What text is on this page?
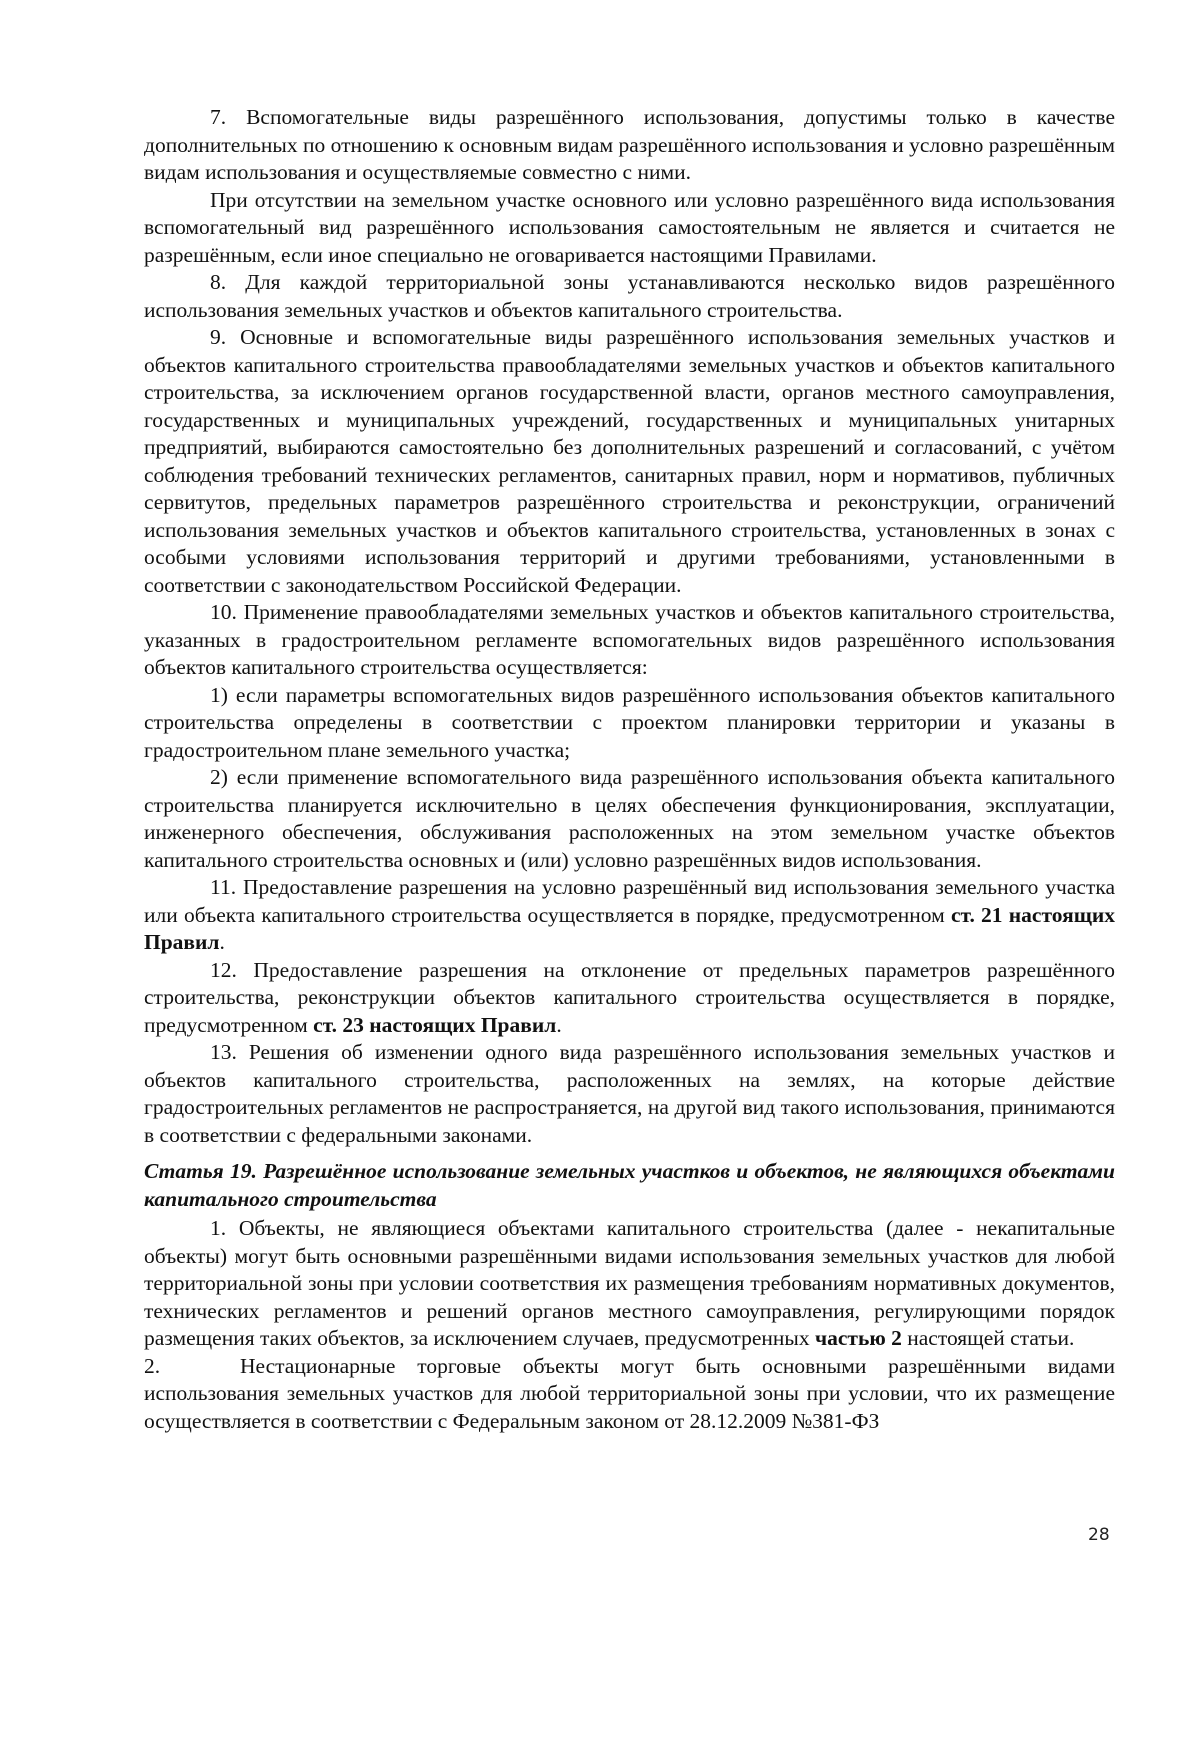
7. Вспомогательные виды разрешённого использования, допустимы только в качестве дополнительных по отношению к основным видам разрешённого использования и условно разрешённым видам использования и осуществляемые совместно с ними.

При отсутствии на земельном участке основного или условно разрешённого вида использования вспомогательный вид разрешённого использования самостоятельным не является и считается не разрешённым, если иное специально не оговаривается настоящими Правилами.

8. Для каждой территориальной зоны устанавливаются несколько видов разрешённого использования земельных участков и объектов капитального строительства.

9. Основные и вспомогательные виды разрешённого использования земельных участков и объектов капитального строительства правообладателями земельных участков и объектов капитального строительства, за исключением органов государственной власти, органов местного самоуправления, государственных и муниципальных учреждений, государственных и муниципальных унитарных предприятий, выбираются самостоятельно без дополнительных разрешений и согласований, с учётом соблюдения требований технических регламентов, санитарных правил, норм и нормативов, публичных сервитутов, предельных параметров разрешённого строительства и реконструкции, ограничений использования земельных участков и объектов капитального строительства, установленных в зонах с особыми условиями использования территорий и другими требованиями, установленными в соответствии с законодательством Российской Федерации.

10. Применение правообладателями земельных участков и объектов капитального строительства, указанных в градостроительном регламенте вспомогательных видов разрешённого использования объектов капитального строительства осуществляется:

1) если параметры вспомогательных видов разрешённого использования объектов капитального строительства определены в соответствии с проектом планировки территории и указаны в градостроительном плане земельного участка;

2) если применение вспомогательного вида разрешённого использования объекта капитального строительства планируется исключительно в целях обеспечения функционирования, эксплуатации, инженерного обеспечения, обслуживания расположенных на этом земельном участке объектов капитального строительства основных и (или) условно разрешённых видов использования.

11. Предоставление разрешения на условно разрешённый вид использования земельного участка или объекта капитального строительства осуществляется в порядке, предусмотренном ст. 21 настоящих Правил.

12. Предоставление разрешения на отклонение от предельных параметров разрешённого строительства, реконструкции объектов капитального строительства осуществляется в порядке, предусмотренном ст. 23 настоящих Правил.

13. Решения об изменении одного вида разрешённого использования земельных участков и объектов капитального строительства, расположенных на землях, на которые действие градостроительных регламентов не распространяется, на другой вид такого использования, принимаются в соответствии с федеральными законами.

Статья 19. Разрешённое использование земельных участков и объектов, не являющихся объектами капитального строительства

1. Объекты, не являющиеся объектами капитального строительства (далее - некапитальные объекты) могут быть основными разрешёнными видами использования земельных участков для любой территориальной зоны при условии соответствия их размещения требованиям нормативных документов, технических регламентов и решений органов местного самоуправления, регулирующими порядок размещения таких объектов, за исключением случаев, предусмотренных частью 2 настоящей статьи.

2.	Нестационарные торговые объекты могут быть основными разрешёнными видами использования земельных участков для любой территориальной зоны при условии, что их размещение осуществляется в соответствии с Федеральным законом от 28.12.2009 №381-ФЗ

28
